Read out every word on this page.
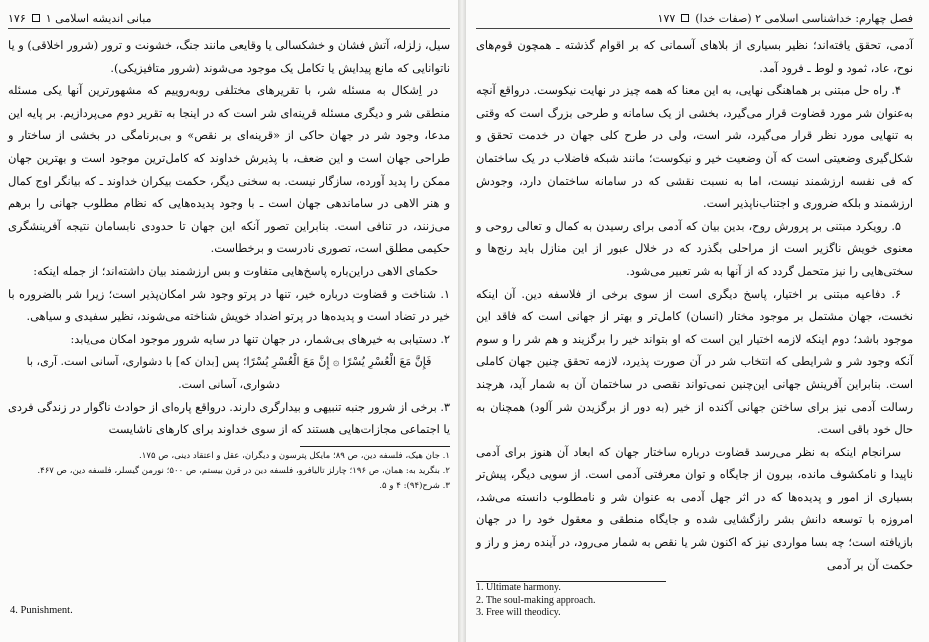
مبانی اندیشه اسلامی ۱
۱۷۶

سیل، زلزله، آتش فشان و خشکسالی یا وقایعی مانند جنگ، خشونت و ترور (شرور اخلاقی) و یا ناتوانایی که مانع پیدایش یا تکامل یک موجود می‌شوند (شرور متافیزیکی).

در اِشکال به مسئله شر، با تقریرهای مختلفی روبه‌روییم که مشهورترین آنها یکی مسئله منطقی شر و دیگری مسئله قرینه‌ای شر است که در اینجا به تقریر دوم می‌پردازیم. بر پایه این مدعا، وجود شر در جهان حاکی از «قرینه‌ای بر نقص» و بی‌برنامگی در بخشی از ساختار و طراحی جهان است و این ضعف، با پذیرش خداوند که کامل‌ترین موجود است و بهترین جهان ممکن را پدید آورده، سازگار نیست. به سخنی دیگر، حکمت بیکران خداوند ـ که بیانگر اوج کمال و هنر الاهی در ساماندهی جهان است ـ با وجود پدیده‌هایی که نظام مطلوب جهانی را برهم می‌زنند، در تنافی است. بنابراین تصور آنکه این جهان تا حدودی نابسامان نتیجه آفرینشگری حکیمی مطلق است، تصوری نادرست و برخطاست.

حکمای الاهی دراین‌باره پاسخ‌هایی متفاوت و بس ارزشمند بیان داشته‌اند؛ از جمله اینکه:

۱. شناخت و قضاوت درباره خیر، تنها در پرتو وجود شر امکان‌پذیر است؛ زیرا شر بالضروره با خیر در تضاد است و پدیده‌ها در پرتو اضداد خویش شناخته می‌شوند، نظیر سفیدی و سیاهی.

۲. دستیابی به خیرهای بی‌شمار، در جهان تنها در سایه شرور موجود امکان می‌یابد:

فَإِنَّ مَعَ الْعُسْرِ یُسْرًا ۞ إِنَّ مَعَ الْعُسْرِ یُسْرًا؛ پس [بدان که] با دشواری، آسانی است. آری، با دشواری، آسانی است.

۳. برخی از شرور جنبه تنبیهی و بیدارگری دارند. درواقع پاره‌ای از حوادث ناگوار در زندگی فردی یا اجتماعی مجازات‌هایی هستند که از سوی خداوند برای کارهای ناشایست

۱. جان هیک، فلسفه دین، ص ۸۹؛ مایکل پترسون و دیگران، عقل و اعتقاد دینی، ص ۱۷۵.
۲. بنگرید به: همان، ص ۱۹۶؛ چارلز تالیافرو، فلسفه دین در قرن بیستم، ص ۵۰۰؛ نورمن گیسلر، فلسفه دین، ص ۴۶۷.
۳. شرح(۹۴): ۴ و ۵.
4. Punishment.
فصل چهارم: خداشناسی اسلامی ۲ (صفات خدا)
۱۷۷

آدمی، تحقق یافته‌اند؛ نظیر بسیاری از بلاهای آسمانی که بر اقوام گذشته ـ همچون قوم‌های نوح، عاد، ثمود و لوط ـ فرود آمد.

۴. راه حل مبتنی بر هماهنگی نهایی، به این معنا که همه چیز در نهایت نیکوست. درواقع آنچه به‌عنوان شر مورد قضاوت قرار می‌گیرد، بخشی از یک سامانه و طرحی بزرگ است که وقتی به تنهایی مورد نظر قرار می‌گیرد، شر است، ولی در طرح کلی جهان در خدمت تحقق و شکل‌گیری وضعیتی است که آن وضعیت خیر و نیکوست؛ مانند شبکه فاضلاب در یک ساختمان که فی نفسه ارزشمند نیست، اما به نسبت نقشی که در سامانه ساختمان دارد، وجودش ارزشمند و بلکه ضروری و اجتناب‌ناپذیر است.

۵. رویکرد مبتنی بر پرورش روح، بدین بیان که آدمی برای رسیدن به کمال و تعالی روحی و معنوی خویش ناگزیر است از مراحلی بگذرد که در خلال عبور از این منازل باید رنج‌ها و سختی‌هایی را نیز متحمل گردد که از آنها به شر تعبیر می‌شود.

۶. دفاعیه مبتنی بر اختیار، پاسخ دیگری است از سوی برخی از فلاسفه دین. آن اینکه نخست، جهان مشتمل بر موجود مختار (انسان) کامل‌تر و بهتر از جهانی است که فاقد این موجود باشد؛ دوم اینکه لازمه اختیار این است که او بتواند خیر را برگزیند و هم شر را و سوم آنکه وجود شر و شرایطی که انتخاب شر در آن صورت پذیرد، لازمه تحقق چنین جهان کاملی است. بنابراین آفرینش جهانی این‌چنین نمی‌تواند نقصی در ساختمان آن به شمار آید، هرچند رسالت آدمی نیز برای ساختن جهانی آکنده از خیر (به دور از برگزیدن شر آلود) همچنان به حال خود باقی است.

سرانجام اینکه به نظر می‌رسد قضاوت درباره ساختار جهان که ابعاد آن هنوز برای آدمی ناپیدا و نامکشوف مانده، بیرون از جایگاه و توان معرفتی آدمی است. از سویی دیگر، پیش‌تر بسیاری از امور و پدیده‌ها که در اثر جهل آدمی به عنوان شر و نامطلوب دانسته می‌شد، امروزه با توسعه دانش بشر رازگشایی شده و جایگاه منطقی و معقول خود را در جهان بازیافته است؛ چه بسا مواردی نیز که اکنون شر یا نقص به شمار می‌رود، در آینده رمز و راز و حکمت آن بر آدمی

1. Ultimate harmony.
2. The soul-making approach.
3. Free will theodicy.
